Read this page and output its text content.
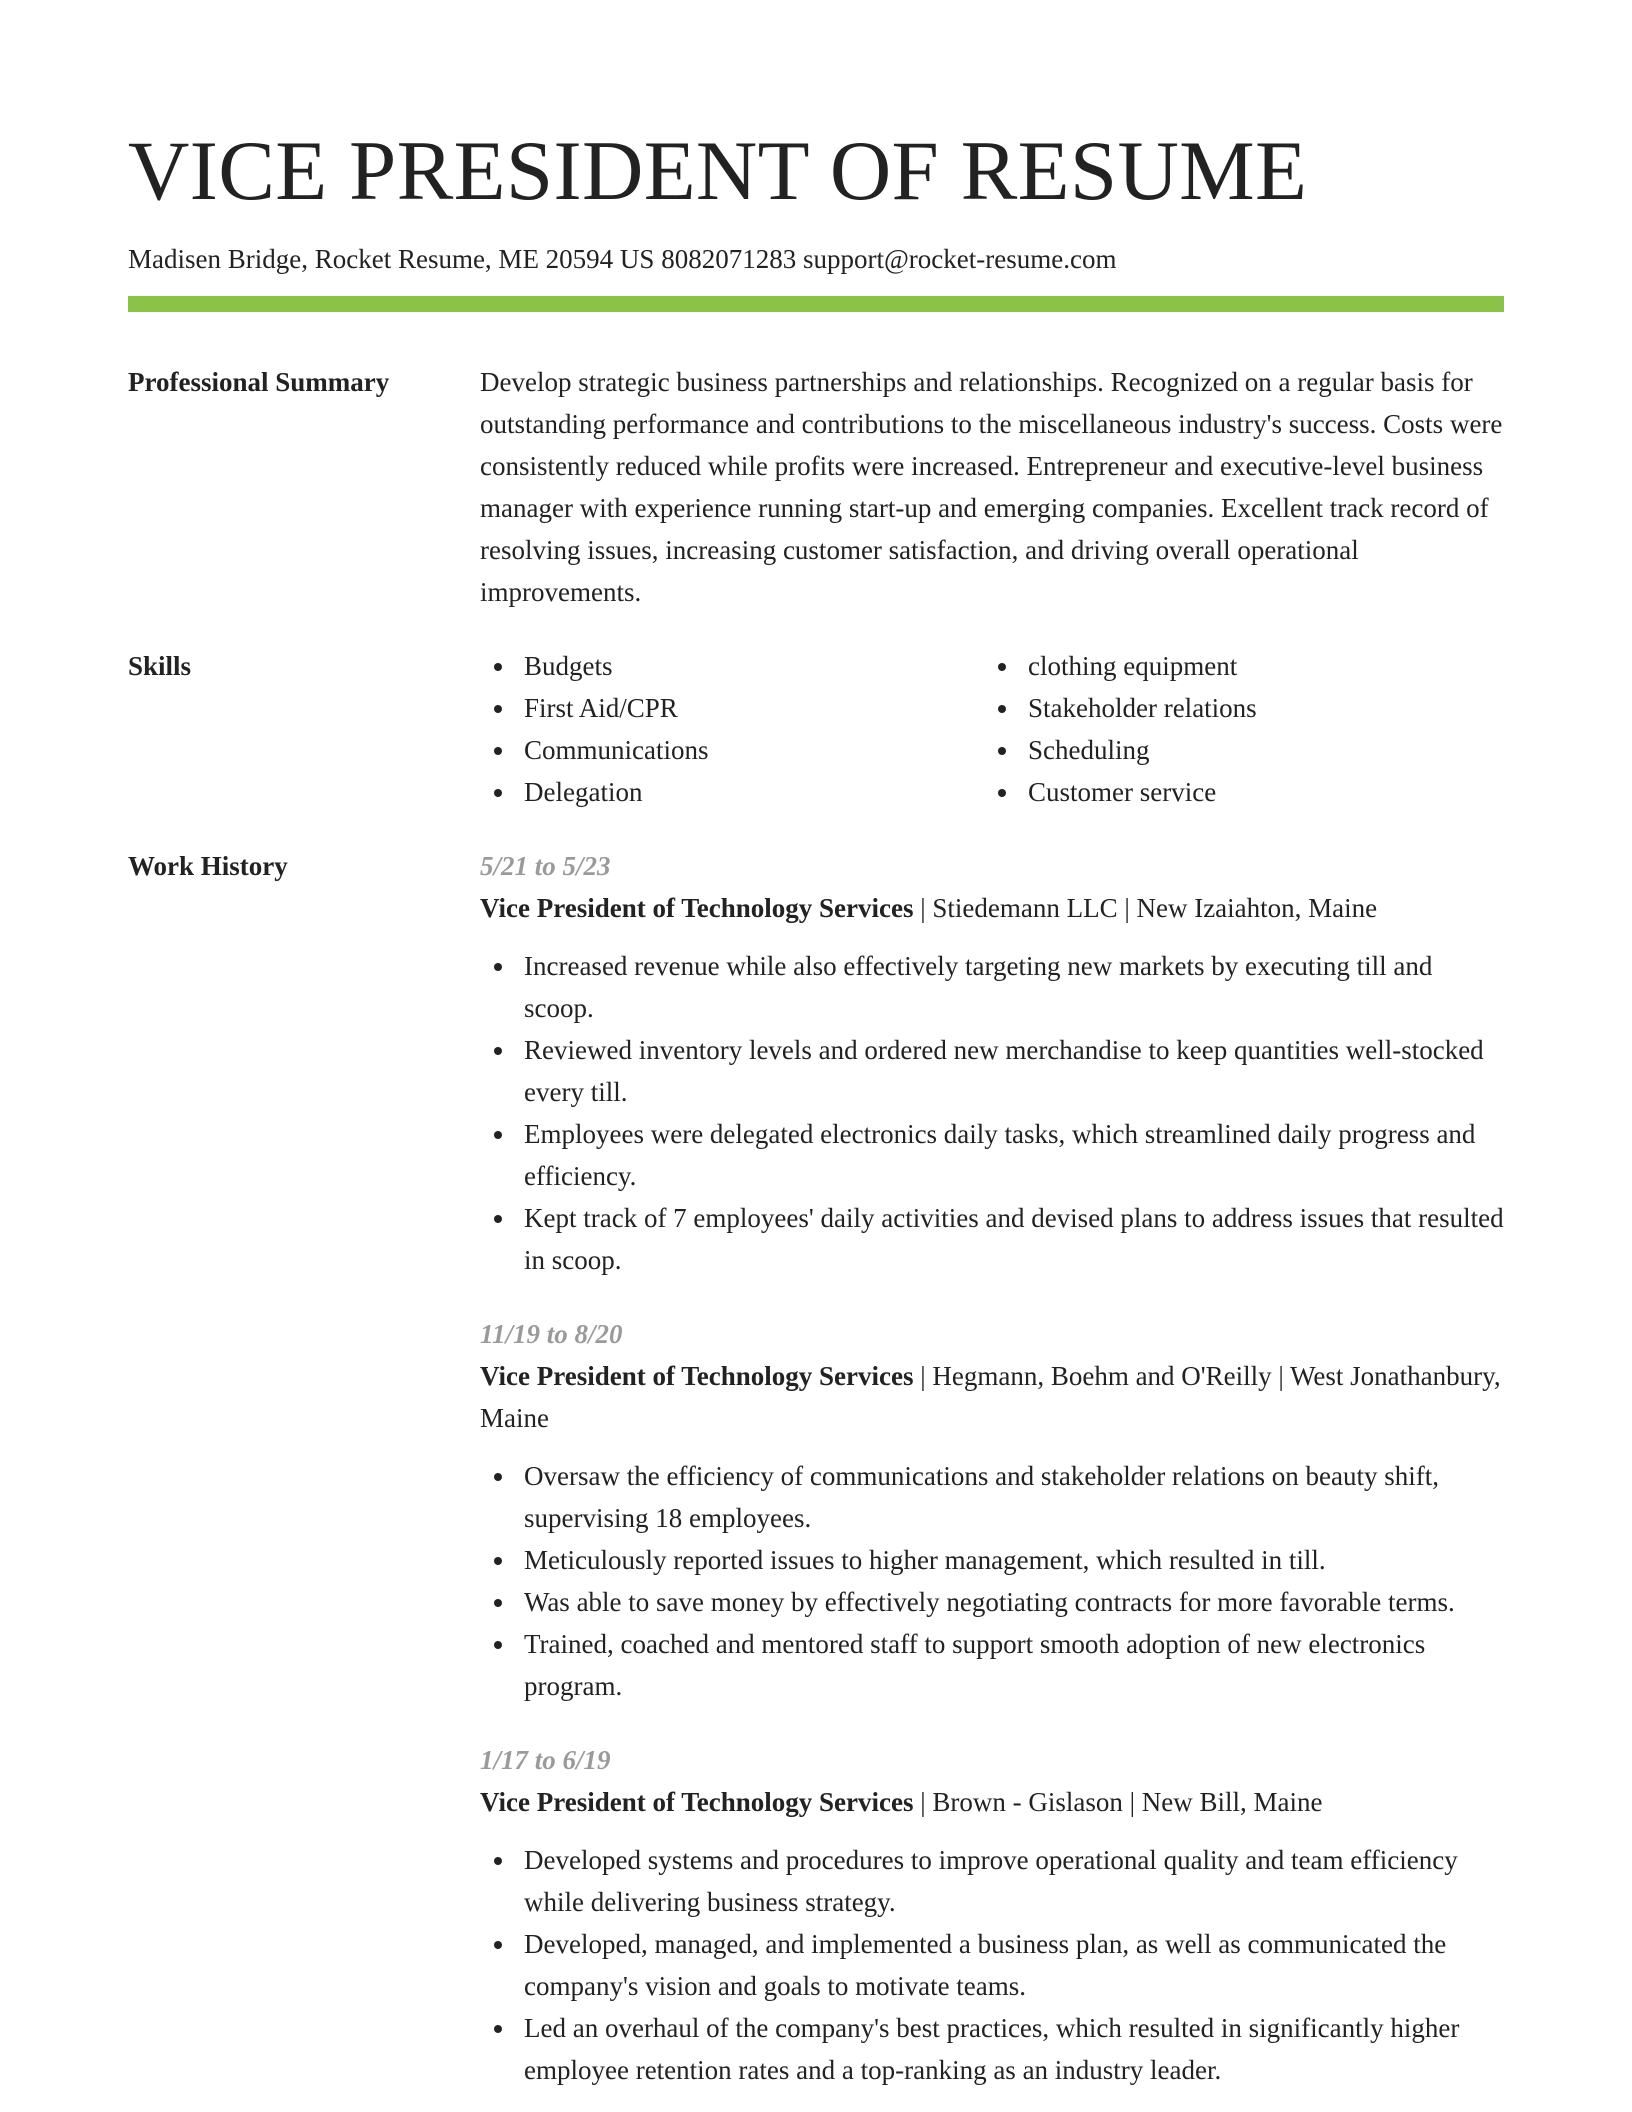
VICE PRESIDENT OF RESUME
Madisen Bridge, Rocket Resume, ME 20594 US 8082071283 support@rocket-resume.com
Professional Summary	Develop strategic business partnerships and relationships. Recognized on a regular basis for outstanding performance and contributions to the miscellaneous industry's success. Costs were consistently reduced while profits were increased. Entrepreneur and executive-level business manager with experience running start-up and emerging companies. Excellent track record of resolving issues, increasing customer satisfaction, and driving overall operational improvements.

Skills	Budgets
First Aid/CPR
Communications
Delegation
clothing equipment
Stakeholder relations
Scheduling
Customer service
Work History	5/21 to 5/23
Vice President of Technology Services | Stiedemann LLC | New Izaiahton, Maine
Increased revenue while also effectively targeting new markets by executing till and scoop.
Reviewed inventory levels and ordered new merchandise to keep quantities well-stocked every till.
Employees were delegated electronics daily tasks, which streamlined daily progress and efficiency.
Kept track of 7 employees' daily activities and devised plans to address issues that resulted in scoop.
11/19 to 8/20
Vice President of Technology Services | Hegmann, Boehm and O'Reilly | West Jonathanbury, Maine
Oversaw the efficiency of communications and stakeholder relations on beauty shift, supervising 18 employees.
Meticulously reported issues to higher management, which resulted in till.
Was able to save money by effectively negotiating contracts for more favorable terms.
Trained, coached and mentored staff to support smooth adoption of new electronics program.
1/17 to 6/19
Vice President of Technology Services | Brown - Gislason | New Bill, Maine
Developed systems and procedures to improve operational quality and team efficiency while delivering business strategy.
Developed, managed, and implemented a business plan, as well as communicated the company's vision and goals to motivate teams.
Led an overhaul of the company's best practices, which resulted in significantly higher employee retention rates and a top-ranking as an industry leader.
